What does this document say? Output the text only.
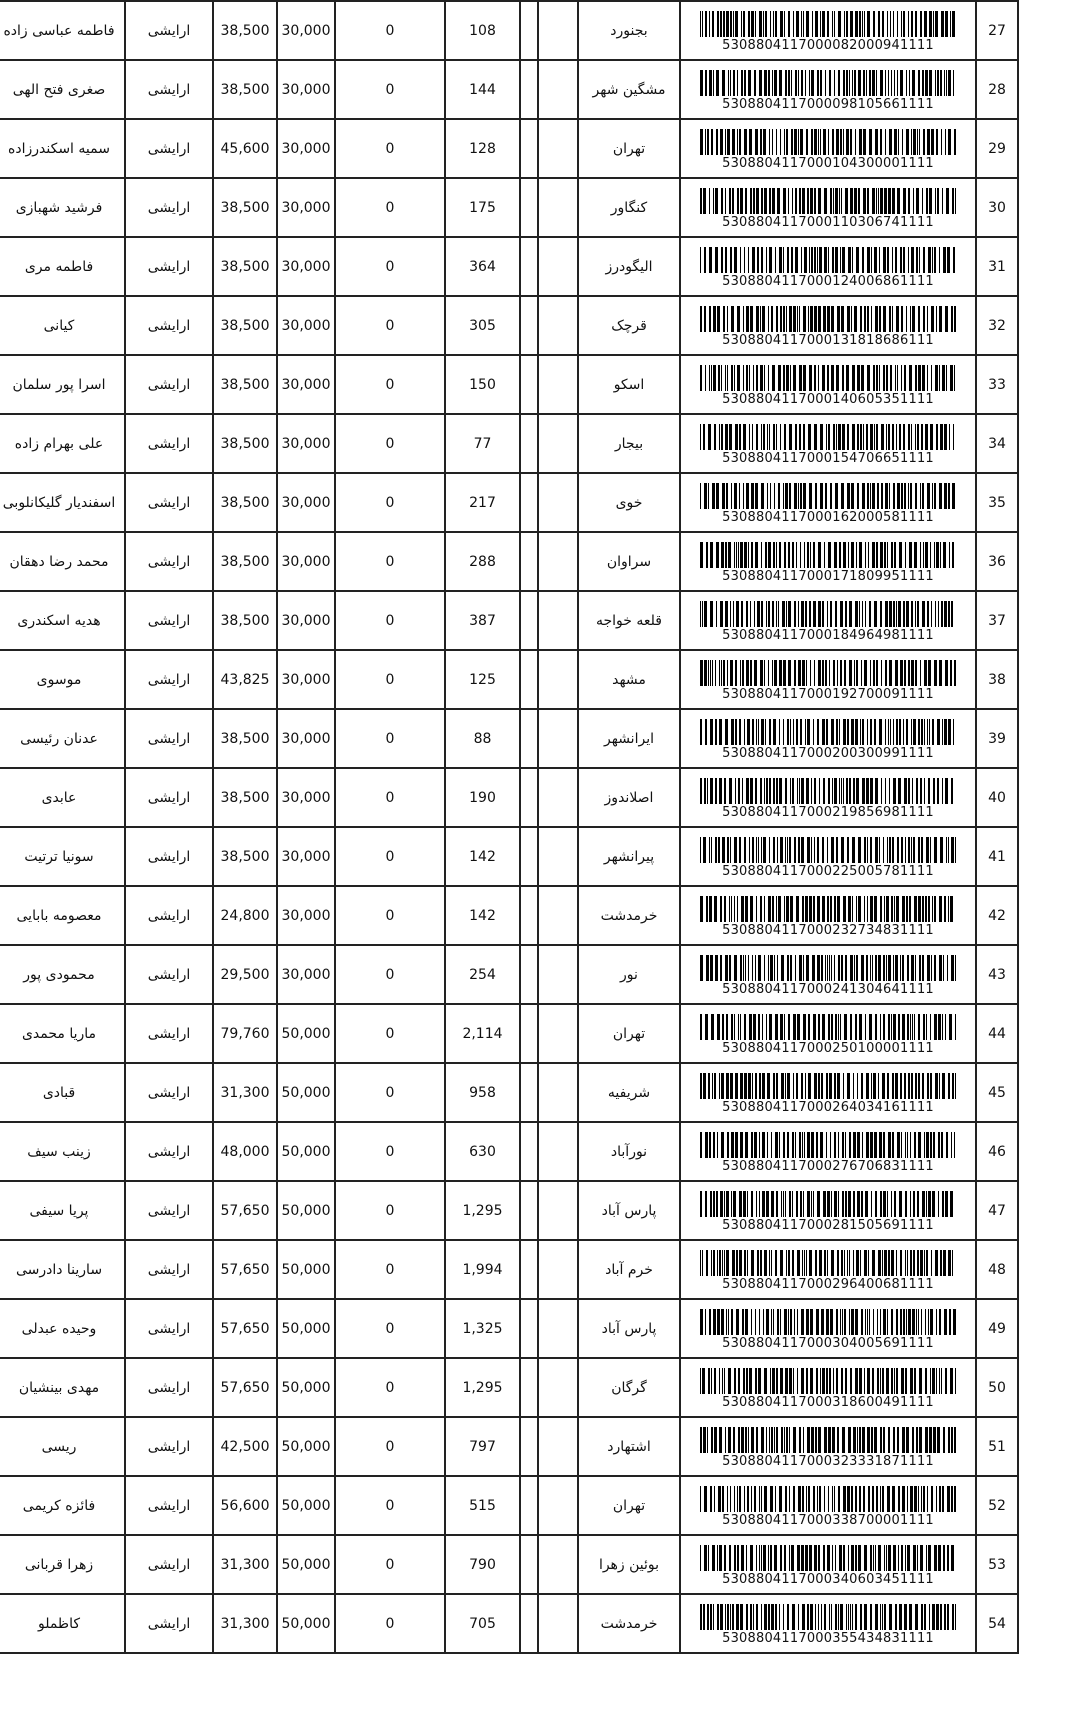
فاطمه عباسی زاده	ارایشی	38,500	30,000	0	108			بجنورد	5308804117000082000941111	27
صغری فتح الهی	ارایشی	38,500	30,000	0	144			مشگین شهر	5308804117000098105661111	28
سمیه اسکندرزاده	ارایشی	45,600	30,000	0	128			تهران	5308804117000104300001111	29
فرشید شهبازی	ارایشی	38,500	30,000	0	175			کنگاور	5308804117000110306741111	30
فاطمه مری	ارایشی	38,500	30,000	0	364			الیگودرز	5308804117000124006861111	31
کیانی	ارایشی	38,500	30,000	0	305			قرچک	5308804117000131818686111	32
اسرا پور سلمان	ارایشی	38,500	30,000	0	150			اسکو	5308804117000140605351111	33
علی بهرام زاده	ارایشی	38,500	30,000	0	77			بیجار	5308804117000154706651111	34
اسفندیار گلیکانلوبی	ارایشی	38,500	30,000	0	217			خوی	5308804117000162000581111	35
محمد رضا دهقان	ارایشی	38,500	30,000	0	288			سراوان	5308804117000171809951111	36
هدیه اسکندری	ارایشی	38,500	30,000	0	387			قلعه خواجه	5308804117000184964981111	37
موسوی	ارایشی	43,825	30,000	0	125			مشهد	5308804117000192700091111	38
عدنان رئیسی	ارایشی	38,500	30,000	0	88			ایرانشهر	5308804117000200300991111	39
عابدی	ارایشی	38,500	30,000	0	190			اصلاندوز	5308804117000219856981111	40
سونیا ترتیت	ارایشی	38,500	30,000	0	142			پیرانشهر	5308804117000225005781111	41
معصومه بابایی	ارایشی	24,800	30,000	0	142			خرمدشت	5308804117000232734831111	42
محمودی پور	ارایشی	29,500	30,000	0	254			نور	5308804117000241304641111	43
ماریا محمدی	ارایشی	79,760	50,000	0	2,114			تهران	5308804117000250100001111	44
قبادی	ارایشی	31,300	50,000	0	958			شریفیه	5308804117000264034161111	45
زینب سیف	ارایشی	48,000	50,000	0	630			نورآباد	5308804117000276706831111	46
پریا سیفی	ارایشی	57,650	50,000	0	1,295			پارس آباد	5308804117000281505691111	47
سارینا دادرسی	ارایشی	57,650	50,000	0	1,994			خرم آباد	5308804117000296400681111	48
وحیده عبدلی	ارایشی	57,650	50,000	0	1,325			پارس آباد	5308804117000304005691111	49
مهدی بینشیان	ارایشی	57,650	50,000	0	1,295			گرگان	5308804117000318600491111	50
ریسی	ارایشی	42,500	50,000	0	797			اشتهارد	5308804117000323331871111	51
فائزه کریمی	ارایشی	56,600	50,000	0	515			تهران	5308804117000338700001111	52
زهرا قربانی	ارایشی	31,300	50,000	0	790			بوئین زهرا	5308804117000340603451111	53
کاظملو	ارایشی	31,300	50,000	0	705			خرمدشت	5308804117000355434831111	54
